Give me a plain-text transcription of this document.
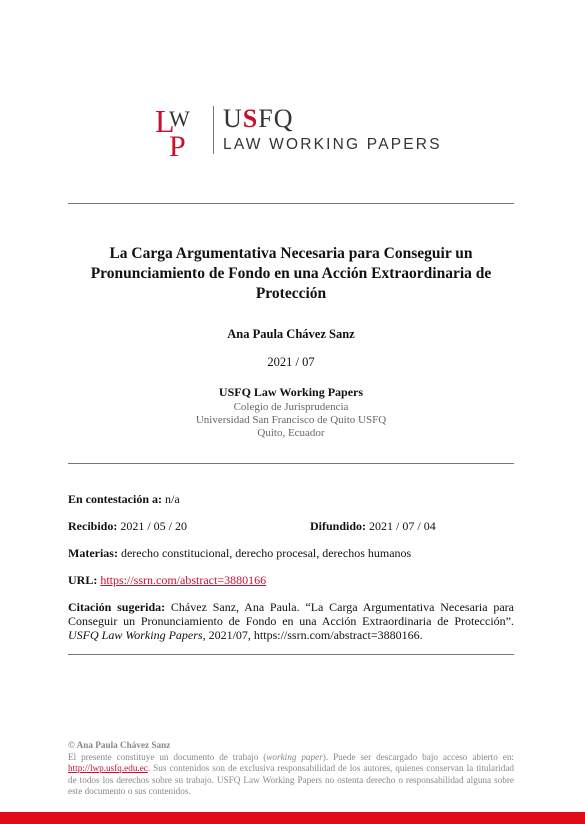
L
W
P
USFQ
LAW WORKING PAPERS
La Carga Argumentativa Necesaria para Conseguir un Pronunciamiento de Fondo en una Acción Extraordinaria de Protección
Ana Paula Chávez Sanz
2021 / 07
USFQ Law Working Papers
Colegio de Jurisprudencia
Universidad San Francisco de Quito USFQ
Quito, Ecuador
En contestación a: n/a
Recibido: 2021 / 05 / 20	Difundido: 2021 / 07 / 04
Materias: derecho constitucional, derecho procesal, derechos humanos
URL: https://ssrn.com/abstract=3880166
Citación sugerida: Chávez Sanz, Ana Paula. “La Carga Argumentativa Necesaria para Conseguir un Pronunciamiento de Fondo en una Acción Extraordinaria de Protección”. USFQ Law Working Papers, 2021/07, https://ssrn.com/abstract=3880166.
© Ana Paula Chávez Sanz
El presente constituye un documento de trabajo (working paper). Puede ser descargado bajo acceso abierto en: http://lwp.usfq.edu.ec. Sus contenidos son de exclusiva responsabilidad de los autores, quienes conservan la titularidad de todos los derechos sobre su trabajo. USFQ Law Working Papers no ostenta derecho o responsabilidad alguna sobre este documento o sus contenidos.
